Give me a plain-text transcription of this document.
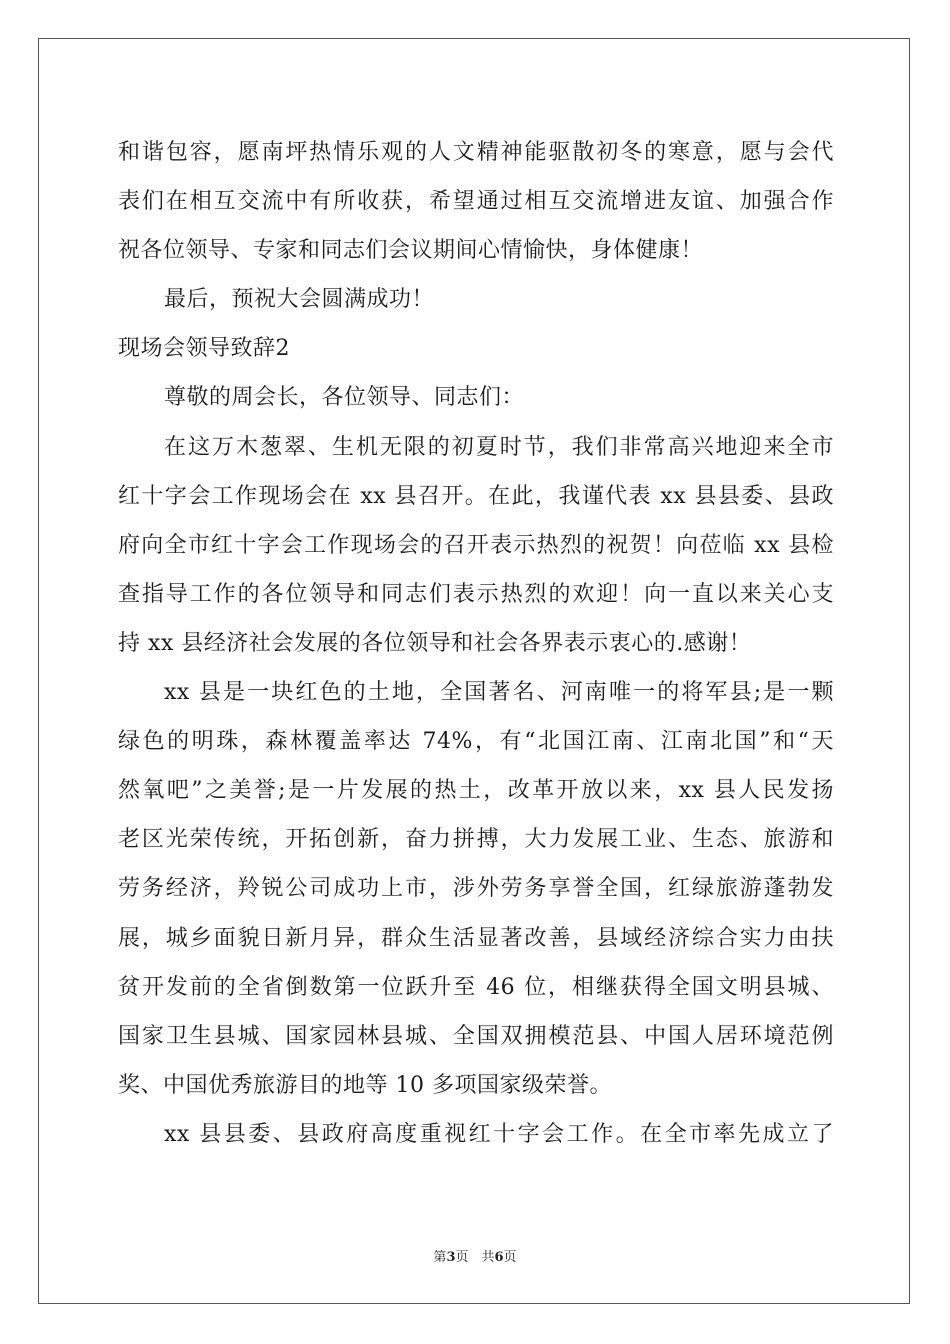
和谐包容，愿南坪热情乐观的人文精神能驱散初冬的寒意，愿与会代
表们在相互交流中有所收获，希望通过相互交流增进友谊、加强合作
祝各位领导、专家和同志们会议期间心情愉快，身体健康！
最后，预祝大会圆满成功！
现场会领导致辞2
尊敬的周会长，各位领导、同志们：
在这万木葱翠、生机无限的初夏时节，我们非常高兴地迎来全市
红十字会工作现场会在 xx 县召开。在此，我谨代表 xx 县县委、县政
府向全市红十字会工作现场会的召开表示热烈的祝贺！向莅临 xx 县检
查指导工作的各位领导和同志们表示热烈的欢迎！向一直以来关心支
持 xx 县经济社会发展的各位领导和社会各界表示衷心的.感谢！
xx 县是一块红色的土地，全国著名、河南唯一的将军县;是一颗
绿色的明珠，森林覆盖率达 74%，有“北国江南、江南北国”和“天
然氧吧”之美誉;是一片发展的热土，改革开放以来，xx 县人民发扬
老区光荣传统，开拓创新，奋力拼搏，大力发展工业、生态、旅游和
劳务经济，羚锐公司成功上市，涉外劳务享誉全国，红绿旅游蓬勃发
展，城乡面貌日新月异，群众生活显著改善，县域经济综合实力由扶
贫开发前的全省倒数第一位跃升至 46 位，相继获得全国文明县城、
国家卫生县城、国家园林县城、全国双拥模范县、中国人居环境范例
奖、中国优秀旅游目的地等 10 多项国家级荣誉。
xx 县县委、县政府高度重视红十字会工作。在全市率先成立了
第3页　共6页
